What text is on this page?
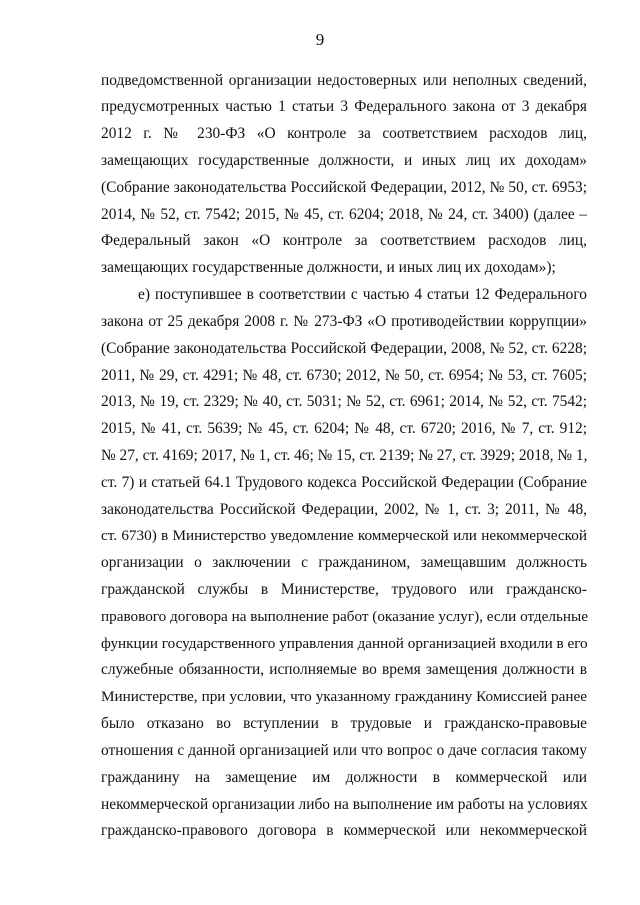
9
подведомственной организации недостоверных или неполных сведений,
предусмотренных частью 1 статьи 3 Федерального закона от 3 декабря
2012 г. № 230-ФЗ «О контроле за соответствием расходов лиц,
замещающих государственные должности, и иных лиц их доходам»
(Собрание законодательства Российской Федерации, 2012, № 50, ст. 6953;
2014, № 52, ст. 7542; 2015, № 45, ст. 6204; 2018, № 24, ст. 3400) (далее –
Федеральный закон «О контроле за соответствием расходов лиц,
замещающих государственные должности, и иных лиц их доходам»);
е) поступившее в соответствии с частью 4 статьи 12 Федерального
закона от 25 декабря 2008 г. № 273-ФЗ «О противодействии коррупции»
(Собрание законодательства Российской Федерации, 2008, № 52, ст. 6228;
2011, № 29, ст. 4291; № 48, ст. 6730; 2012, № 50, ст. 6954; № 53, ст. 7605;
2013, № 19, ст. 2329; № 40, ст. 5031; № 52, ст. 6961; 2014, № 52, ст. 7542;
2015, № 41, ст. 5639; № 45, ст. 6204; № 48, ст. 6720; 2016, № 7, ст. 912;
№ 27, ст. 4169; 2017, № 1, ст. 46; № 15, ст. 2139; № 27, ст. 3929; 2018, № 1,
ст. 7) и статьей 64.1 Трудового кодекса Российской Федерации (Собрание
законодательства Российской Федерации, 2002, № 1, ст. 3; 2011, № 48,
ст. 6730) в Министерство уведомление коммерческой или некоммерческой
организации о заключении с гражданином, замещавшим должность
гражданской службы в Министерстве, трудового или гражданско-
правового договора на выполнение работ (оказание услуг), если отдельные
функции государственного управления данной организацией входили в его
служебные обязанности, исполняемые во время замещения должности в
Министерстве, при условии, что указанному гражданину Комиссией ранее
было отказано во вступлении в трудовые и гражданско-правовые
отношения с данной организацией или что вопрос о даче согласия такому
гражданину на замещение им должности в коммерческой или
некоммерческой организации либо на выполнение им работы на условиях
гражданско-правового договора в коммерческой или некоммерческой
